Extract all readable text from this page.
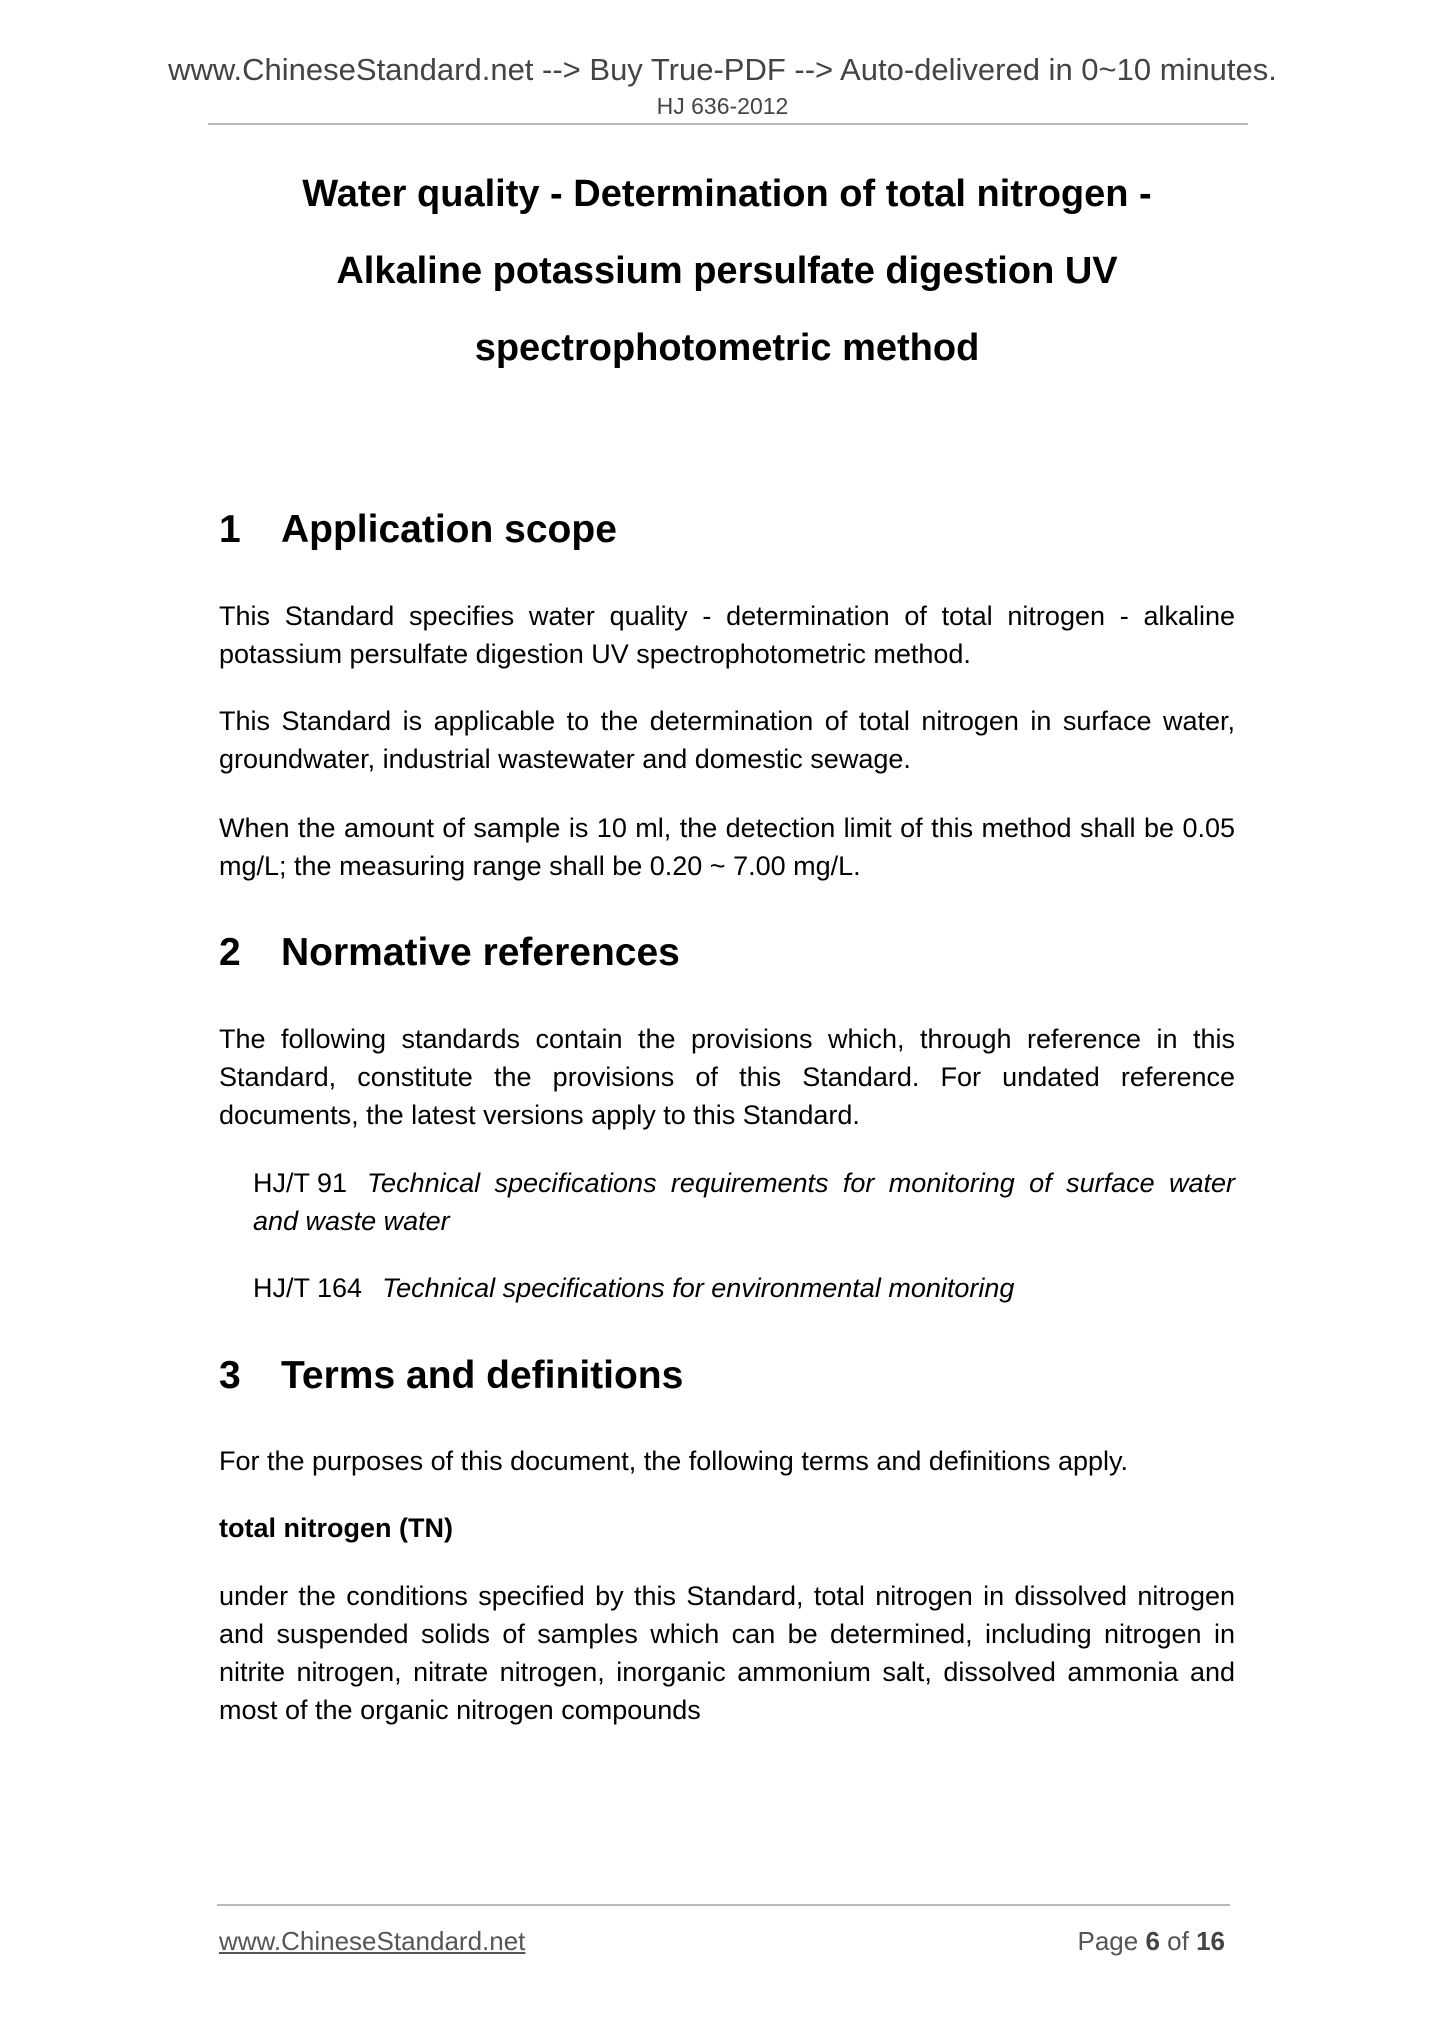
www.ChineseStandard.net --> Buy True-PDF --> Auto-delivered in 0~10 minutes.
HJ 636-2012
Water quality - Determination of total nitrogen -
Alkaline potassium persulfate digestion UV
spectrophotometric method
1 Application scope
This Standard specifies water quality - determination of total nitrogen - alkaline potassium persulfate digestion UV spectrophotometric method.
This Standard is applicable to the determination of total nitrogen in surface water, groundwater, industrial wastewater and domestic sewage.
When the amount of sample is 10 ml, the detection limit of this method shall be 0.05 mg/L; the measuring range shall be 0.20 ~ 7.00 mg/L.
2 Normative references
The following standards contain the provisions which, through reference in this Standard, constitute the provisions of this Standard. For undated reference documents, the latest versions apply to this Standard.
HJ/T 91 Technical specifications requirements for monitoring of surface water and waste water
HJ/T 164 Technical specifications for environmental monitoring
3 Terms and definitions
For the purposes of this document, the following terms and definitions apply.
total nitrogen (TN)
under the conditions specified by this Standard, total nitrogen in dissolved nitrogen and suspended solids of samples which can be determined, including nitrogen in nitrite nitrogen, nitrate nitrogen, inorganic ammonium salt, dissolved ammonia and most of the organic nitrogen compounds
www.ChineseStandard.net	Page 6 of 16
